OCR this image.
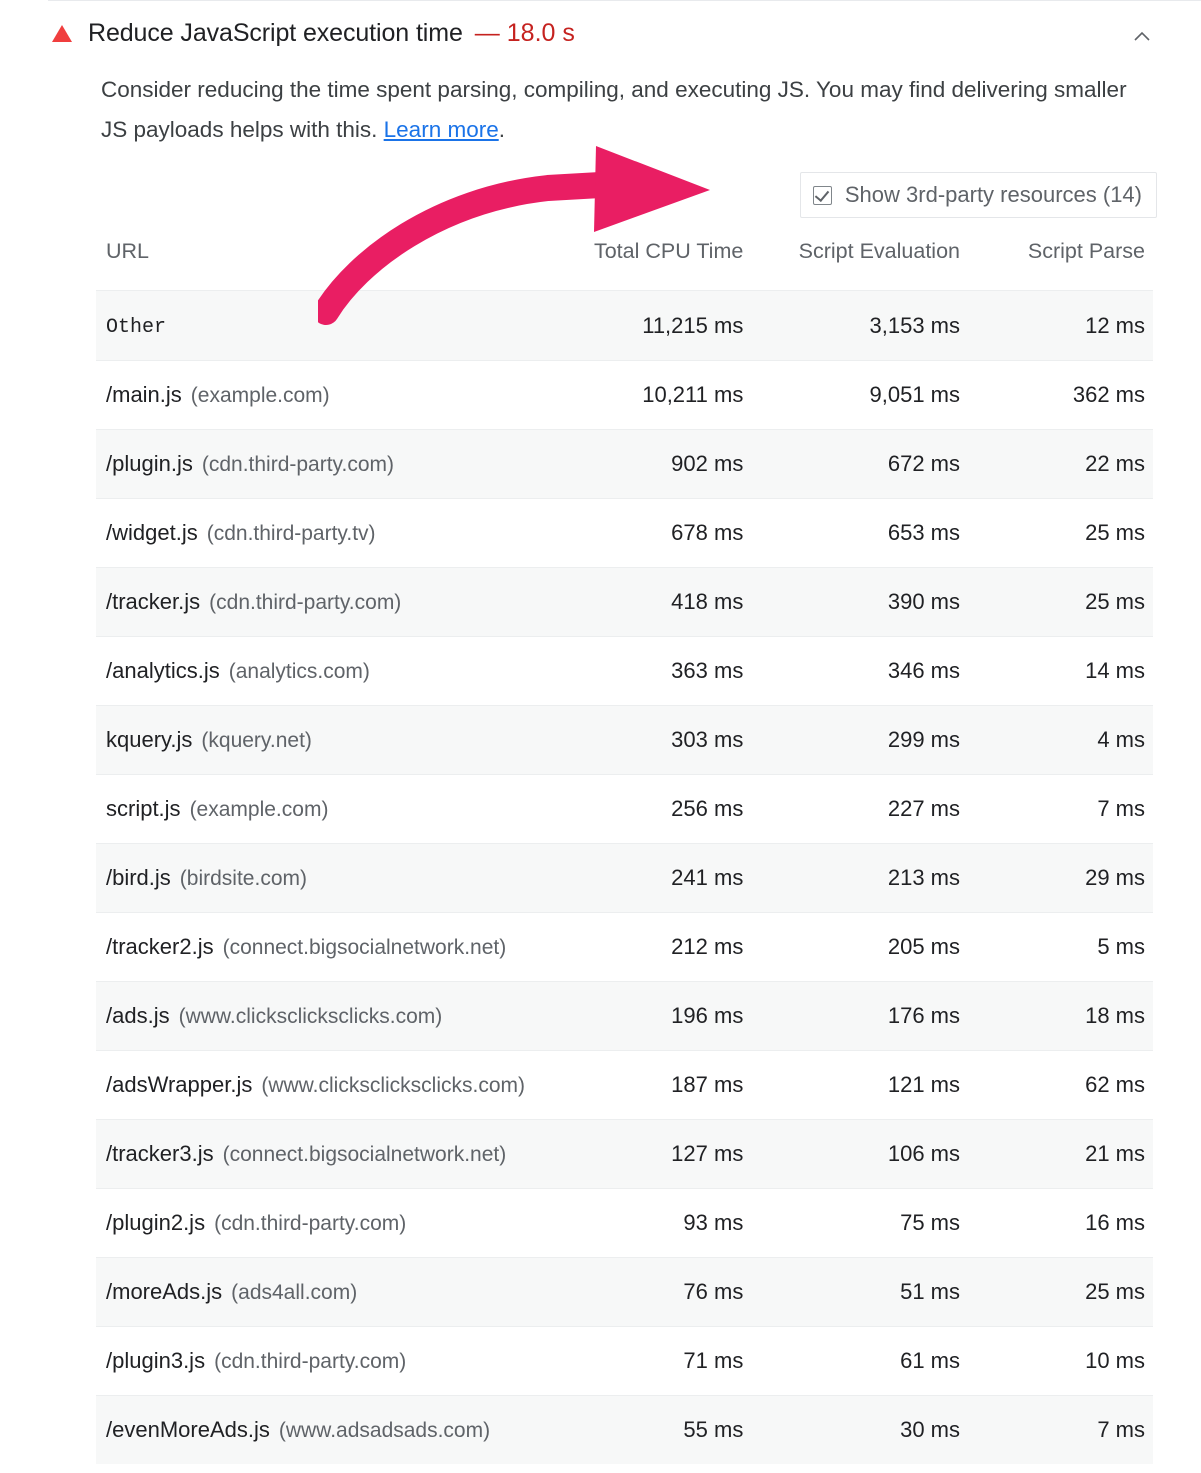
Reduce JavaScript execution time — 18.0 s
Consider reducing the time spent parsing, compiling, and executing JS. You may find delivering smaller JS payloads helps with this. Learn more.
Show 3rd-party resources (14)
URL	Total CPU Time	Script Evaluation	Script Parse
Other	11,215 ms	3,153 ms	12 ms
/main.js (example.com)	10,211 ms	9,051 ms	362 ms
/plugin.js (cdn.third-party.com)	902 ms	672 ms	22 ms
/widget.js (cdn.third-party.tv)	678 ms	653 ms	25 ms
/tracker.js (cdn.third-party.com)	418 ms	390 ms	25 ms
/analytics.js (analytics.com)	363 ms	346 ms	14 ms
kquery.js (kquery.net)	303 ms	299 ms	4 ms
script.js (example.com)	256 ms	227 ms	7 ms
/bird.js (birdsite.com)	241 ms	213 ms	29 ms
/tracker2.js (connect.bigsocialnetwork.net)	212 ms	205 ms	5 ms
/ads.js (www.clicksclicksclicks.com)	196 ms	176 ms	18 ms
/adsWrapper.js (www.clicksclicksclicks.com)	187 ms	121 ms	62 ms
/tracker3.js (connect.bigsocialnetwork.net)	127 ms	106 ms	21 ms
/plugin2.js (cdn.third-party.com)	93 ms	75 ms	16 ms
/moreAds.js (ads4all.com)	76 ms	51 ms	25 ms
/plugin3.js (cdn.third-party.com)	71 ms	61 ms	10 ms
/evenMoreAds.js (www.adsadsads.com)	55 ms	30 ms	7 ms
